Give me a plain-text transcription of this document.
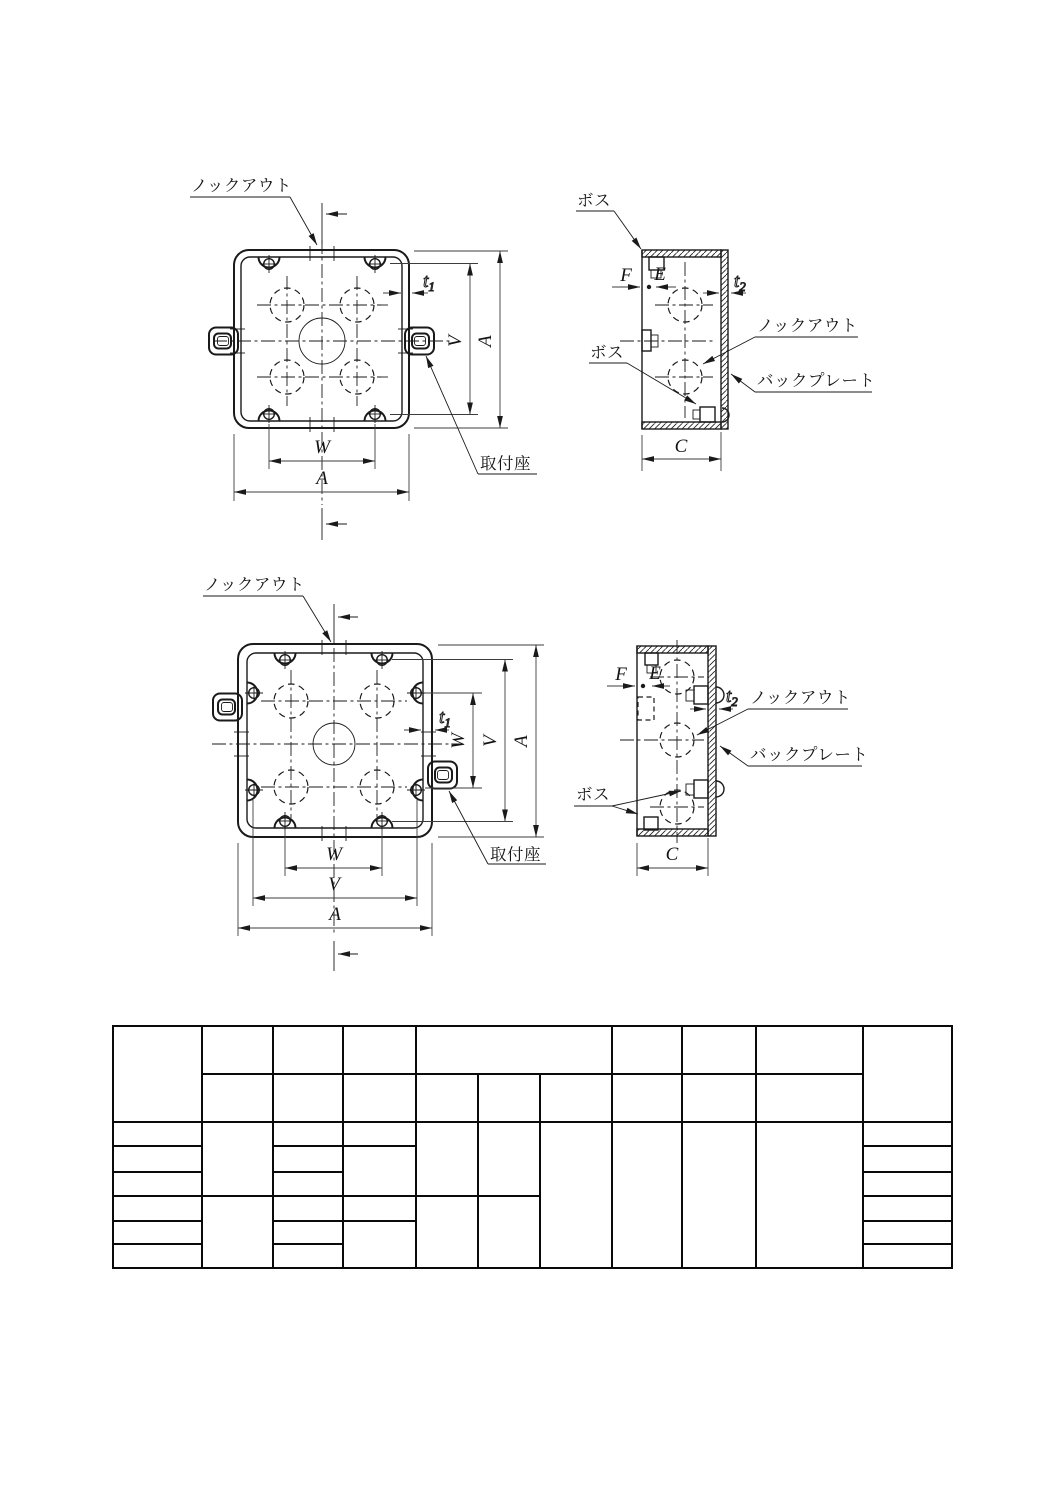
$t_1$
V A
W
A
ノックアウト
取付座
F E	$t_2$
ボス
ボス
ノックアウト
バックプレート
C
$t_1$
W V A
W
V
A
ノックアウト
取付座
F E
$t_2$ ノックアウト
バックプレート
ボス
C
